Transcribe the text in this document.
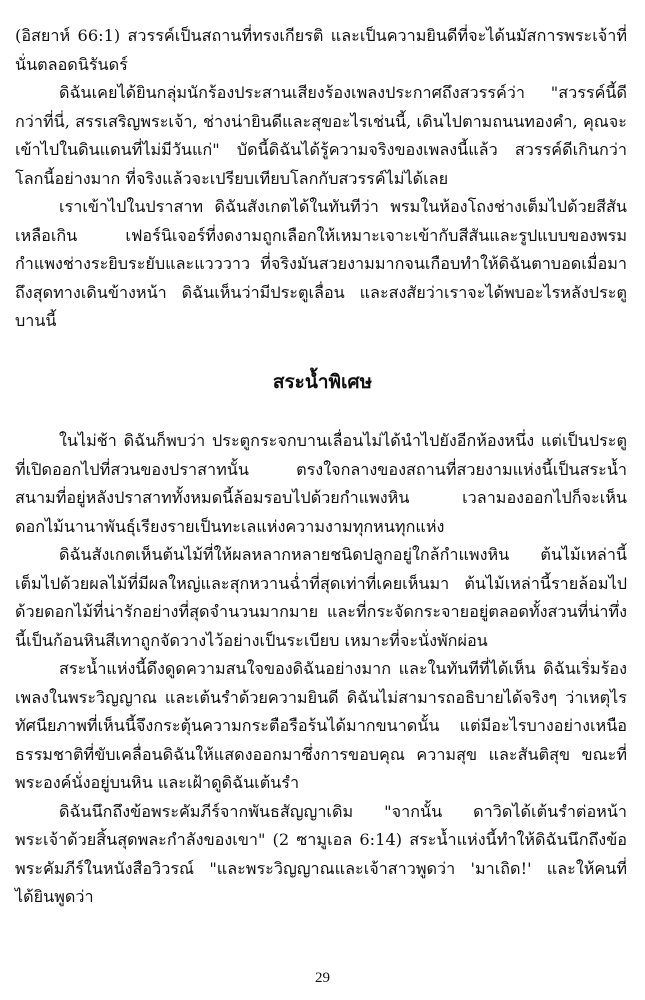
(อิสยาห์ 66:1) สวรรค์เป็นสถานที่ทรงเกียรติ และเป็นความยินดีที่จะได้นมัสการพระเจ้าที่นั่นตลอดนิรันดร์

ดิฉันเคยได้ยินกลุ่มนักร้องประสานเสียงร้องเพลงประกาศถึงสวรรค์ว่า "สวรรค์นี้ดีกว่าที่นี่, สรรเสริญพระเจ้า, ช่างน่ายินดีและสุขอะไรเช่นนี้, เดินไปตามถนนทองคำ, คุณจะเข้าไปในดินแดนที่ไม่มีวันแก่" บัดนี้ดิฉันได้รู้ความจริงของเพลงนี้แล้ว สวรรค์ดีเกินกว่าโลกนี้อย่างมาก ที่จริงแล้วจะเปรียบเทียบโลกกับสวรรค์ไม่ได้เลย

เราเข้าไปในปราสาท ดิฉันสังเกตได้ในทันทีว่า พรมในห้องโถงช่างเต็มไปด้วยสีสันเหลือเกิน เฟอร์นิเจอร์ที่งดงามถูกเลือกให้เหมาะเจาะเข้ากับสีสันและรูปแบบของพรม กำแพงช่างระยิบระยับและแวววาว ที่จริงมันสวยงามมากจนเกือบทำให้ดิฉันตาบอดเมื่อมาถึงสุดทางเดินข้างหน้า ดิฉันเห็นว่ามีประตูเลื่อน และสงสัยว่าเราจะได้พบอะไรหลังประตูบานนี้

สระน้ำพิเศษ

ในไม่ช้า ดิฉันก็พบว่า ประตูกระจกบานเลื่อนไม่ได้นำไปยังอีกห้องหนึ่ง แต่เป็นประตูที่เปิดออกไปที่สวนของปราสาทนั้น ตรงใจกลางของสถานที่สวยงามแห่งนี้เป็นสระน้ำ สนามที่อยู่หลังปราสาททั้งหมดนี้ล้อมรอบไปด้วยกำแพงหิน เวลามองออกไปก็จะเห็นดอกไม้นานาพันธุ์เรียงรายเป็นทะเลแห่งความงามทุกหนทุกแห่ง

ดิฉันสังเกตเห็นต้นไม้ที่ให้ผลหลากหลายชนิดปลูกอยู่ใกล้กำแพงหิน ต้นไม้เหล่านี้เต็มไปด้วยผลไม้ที่มีผลใหญ่และสุกหวานฉ่ำที่สุดเท่าที่เคยเห็นมา ต้นไม้เหล่านี้รายล้อมไปด้วยดอกไม้ที่น่ารักอย่างที่สุดจำนวนมากมาย และที่กระจัดกระจายอยู่ตลอดทั้งสวนที่น่าทึ่งนี้เป็นก้อนหินสีเทาถูกจัดวางไว้อย่างเป็นระเบียบ เหมาะที่จะนั่งพักผ่อน

สระน้ำแห่งนี้ดึงดูดความสนใจของดิฉันอย่างมาก และในทันทีที่ได้เห็น ดิฉันเริ่มร้องเพลงในพระวิญญาณ และเต้นรำด้วยความยินดี ดิฉันไม่สามารถอธิบายได้จริงๆ ว่าเหตุไรทัศนียภาพที่เห็นนี้จึงกระตุ้นความกระตือรือร้นได้มากขนาดนั้น แต่มีอะไรบางอย่างเหนือธรรมชาติที่ขับเคลื่อนดิฉันให้แสดงออกมาซึ่งการขอบคุณ ความสุข และสันติสุข ขณะที่พระองค์นั่งอยู่บนหิน และเฝ้าดูดิฉันเต้นรำ

ดิฉันนึกถึงข้อพระคัมภีร์จากพันธสัญญาเดิม "จากนั้น ดาวิดได้เต้นรำต่อหน้าพระเจ้าด้วยสิ้นสุดพละกำลังของเขา" (2 ซามูเอล 6:14) สระน้ำแห่งนี้ทำให้ดิฉันนึกถึงข้อพระคัมภีร์ในหนังสือวิวรณ์ "และพระวิญญาณและเจ้าสาวพูดว่า 'มาเถิด!' และให้คนที่ได้ยินพูดว่า

29
